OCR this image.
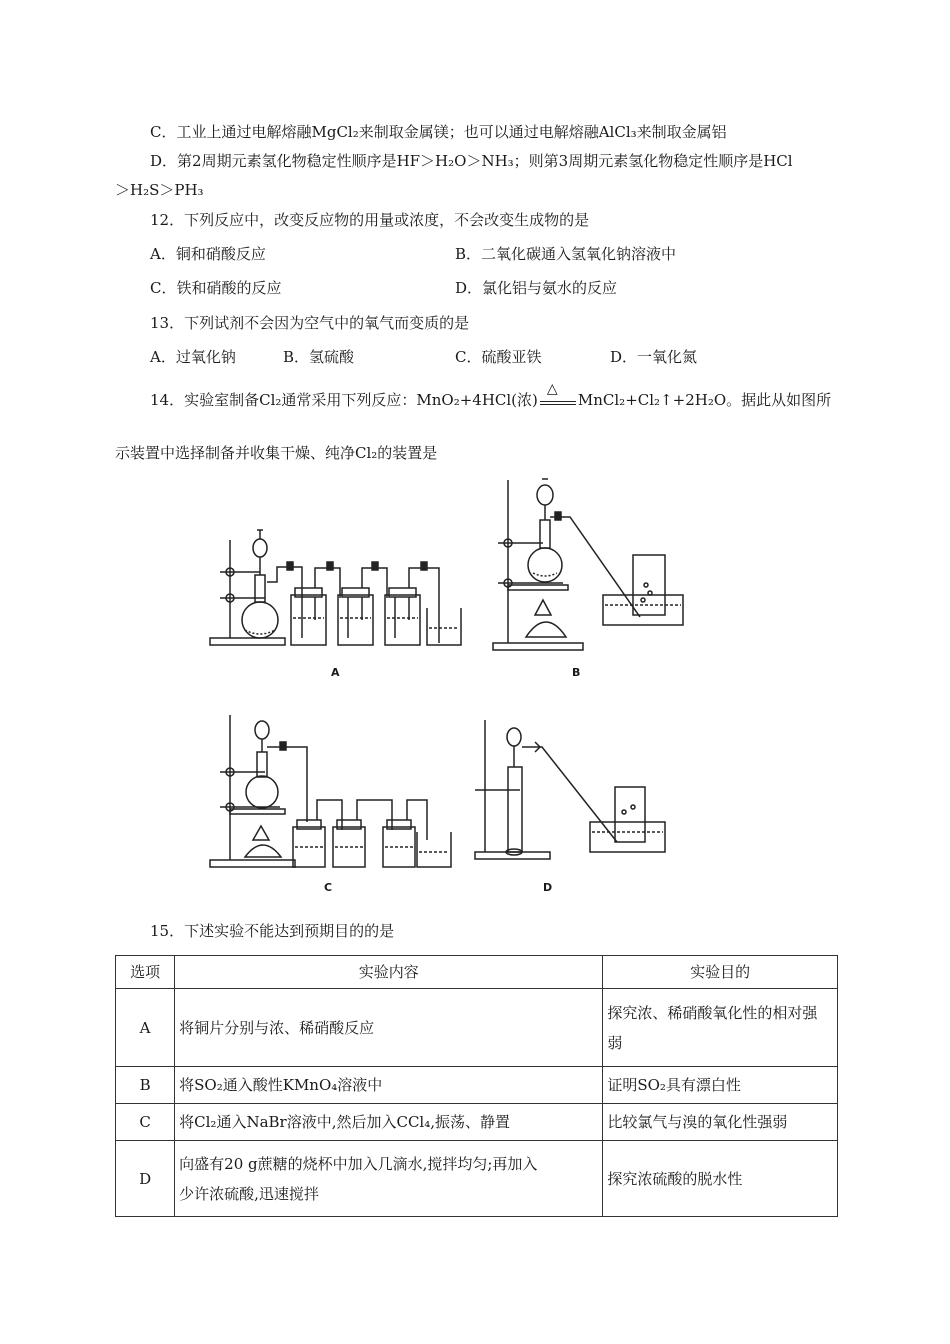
C．工业上通过电解熔融MgCl₂来制取金属镁；也可以通过电解熔融AlCl₃来制取金属铝
D．第2周期元素氢化物稳定性顺序是HF＞H₂O＞NH₃；则第3周期元素氢化物稳定性顺序是HCl
＞H₂S＞PH₃
12．下列反应中，改变反应物的用量或浓度，不会改变生成物的是
A．铜和硝酸反应	B．二氧化碳通入氢氧化钠溶液中
C．铁和硝酸的反应	D．氯化铝与氨水的反应
13．下列试剂不会因为空气中的氧气而变质的是
A．过氧化钠	B．氢硫酸	C．硫酸亚铁	D．一氧化氮
14．实验室制备Cl₂通常采用下列反应：MnO₂+4HCl(浓)
△
MnCl₂+Cl₂↑+2H₂O。据此从如图所
示装置中选择制备并收集干燥、纯净Cl₂的装置是
A	B
C	D
15．下述实验不能达到预期目的的是
选项	实验内容	实验目的
A	将铜片分别与浓、稀硝酸反应	探究浓、稀硝酸氧化性的相对强
弱

B	将SO₂通入酸性KMnO₄溶液中	证明SO₂具有漂白性
C	将Cl₂通入NaBr溶液中,然后加入CCl₄,振荡、静置	比较氯气与溴的氧化性强弱
D	向盛有20 g蔗糖的烧杯中加入几滴水,搅拌均匀;再加入
少许浓硫酸,迅速搅拌	探究浓硫酸的脱水性
